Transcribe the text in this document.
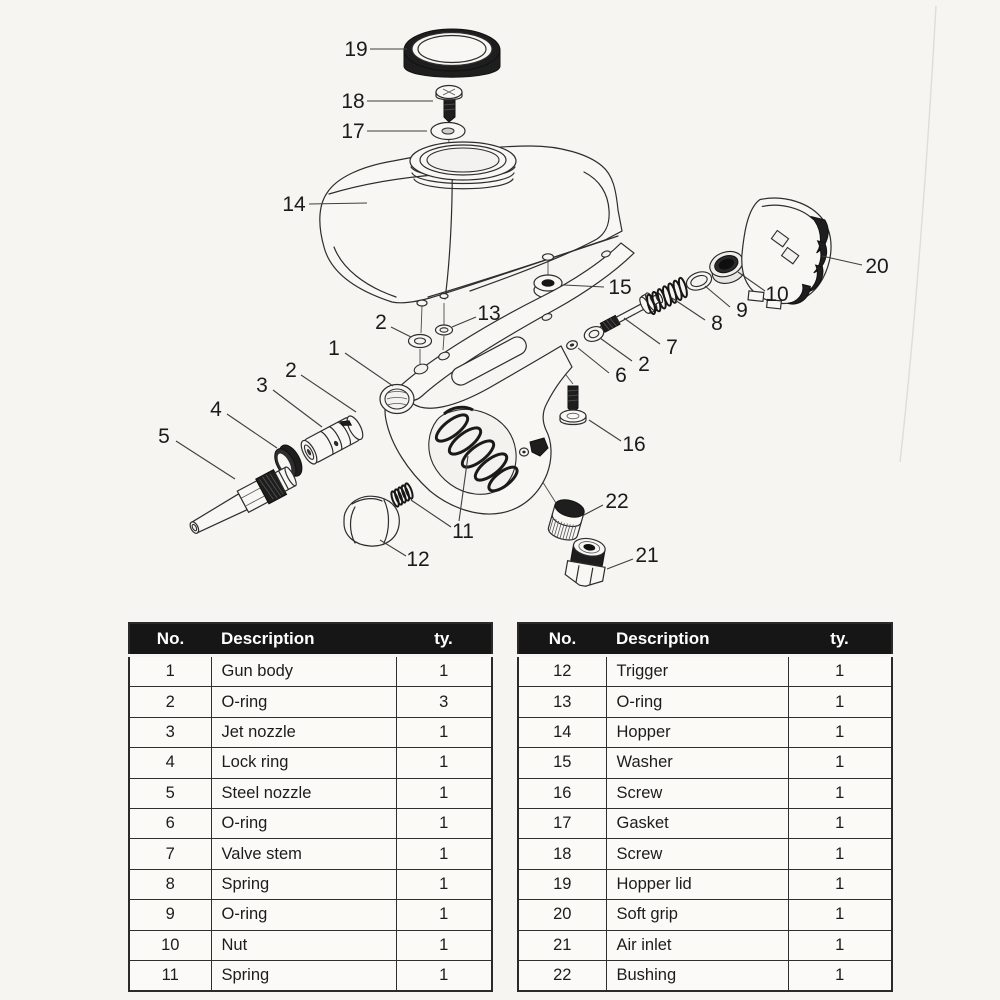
19
18
17
14
15
13
2
1
2
3
4
5
7
2
6
8
9
10
20
16
22
21
11
12
No.	Description	ty.
1	Gun body	1
2	O-ring	3
3	Jet nozzle	1
4	Lock ring	1
5	Steel nozzle	1
6	O-ring	1
7	Valve stem	1
8	Spring	1
9	O-ring	1
10	Nut	1
11	Spring	1
No.	Description	ty.
12	Trigger	1
13	O-ring	1
14	Hopper	1
15	Washer	1
16	Screw	1
17	Gasket	1
18	Screw	1
19	Hopper lid	1
20	Soft grip	1
21	Air inlet	1
22	Bushing	1
